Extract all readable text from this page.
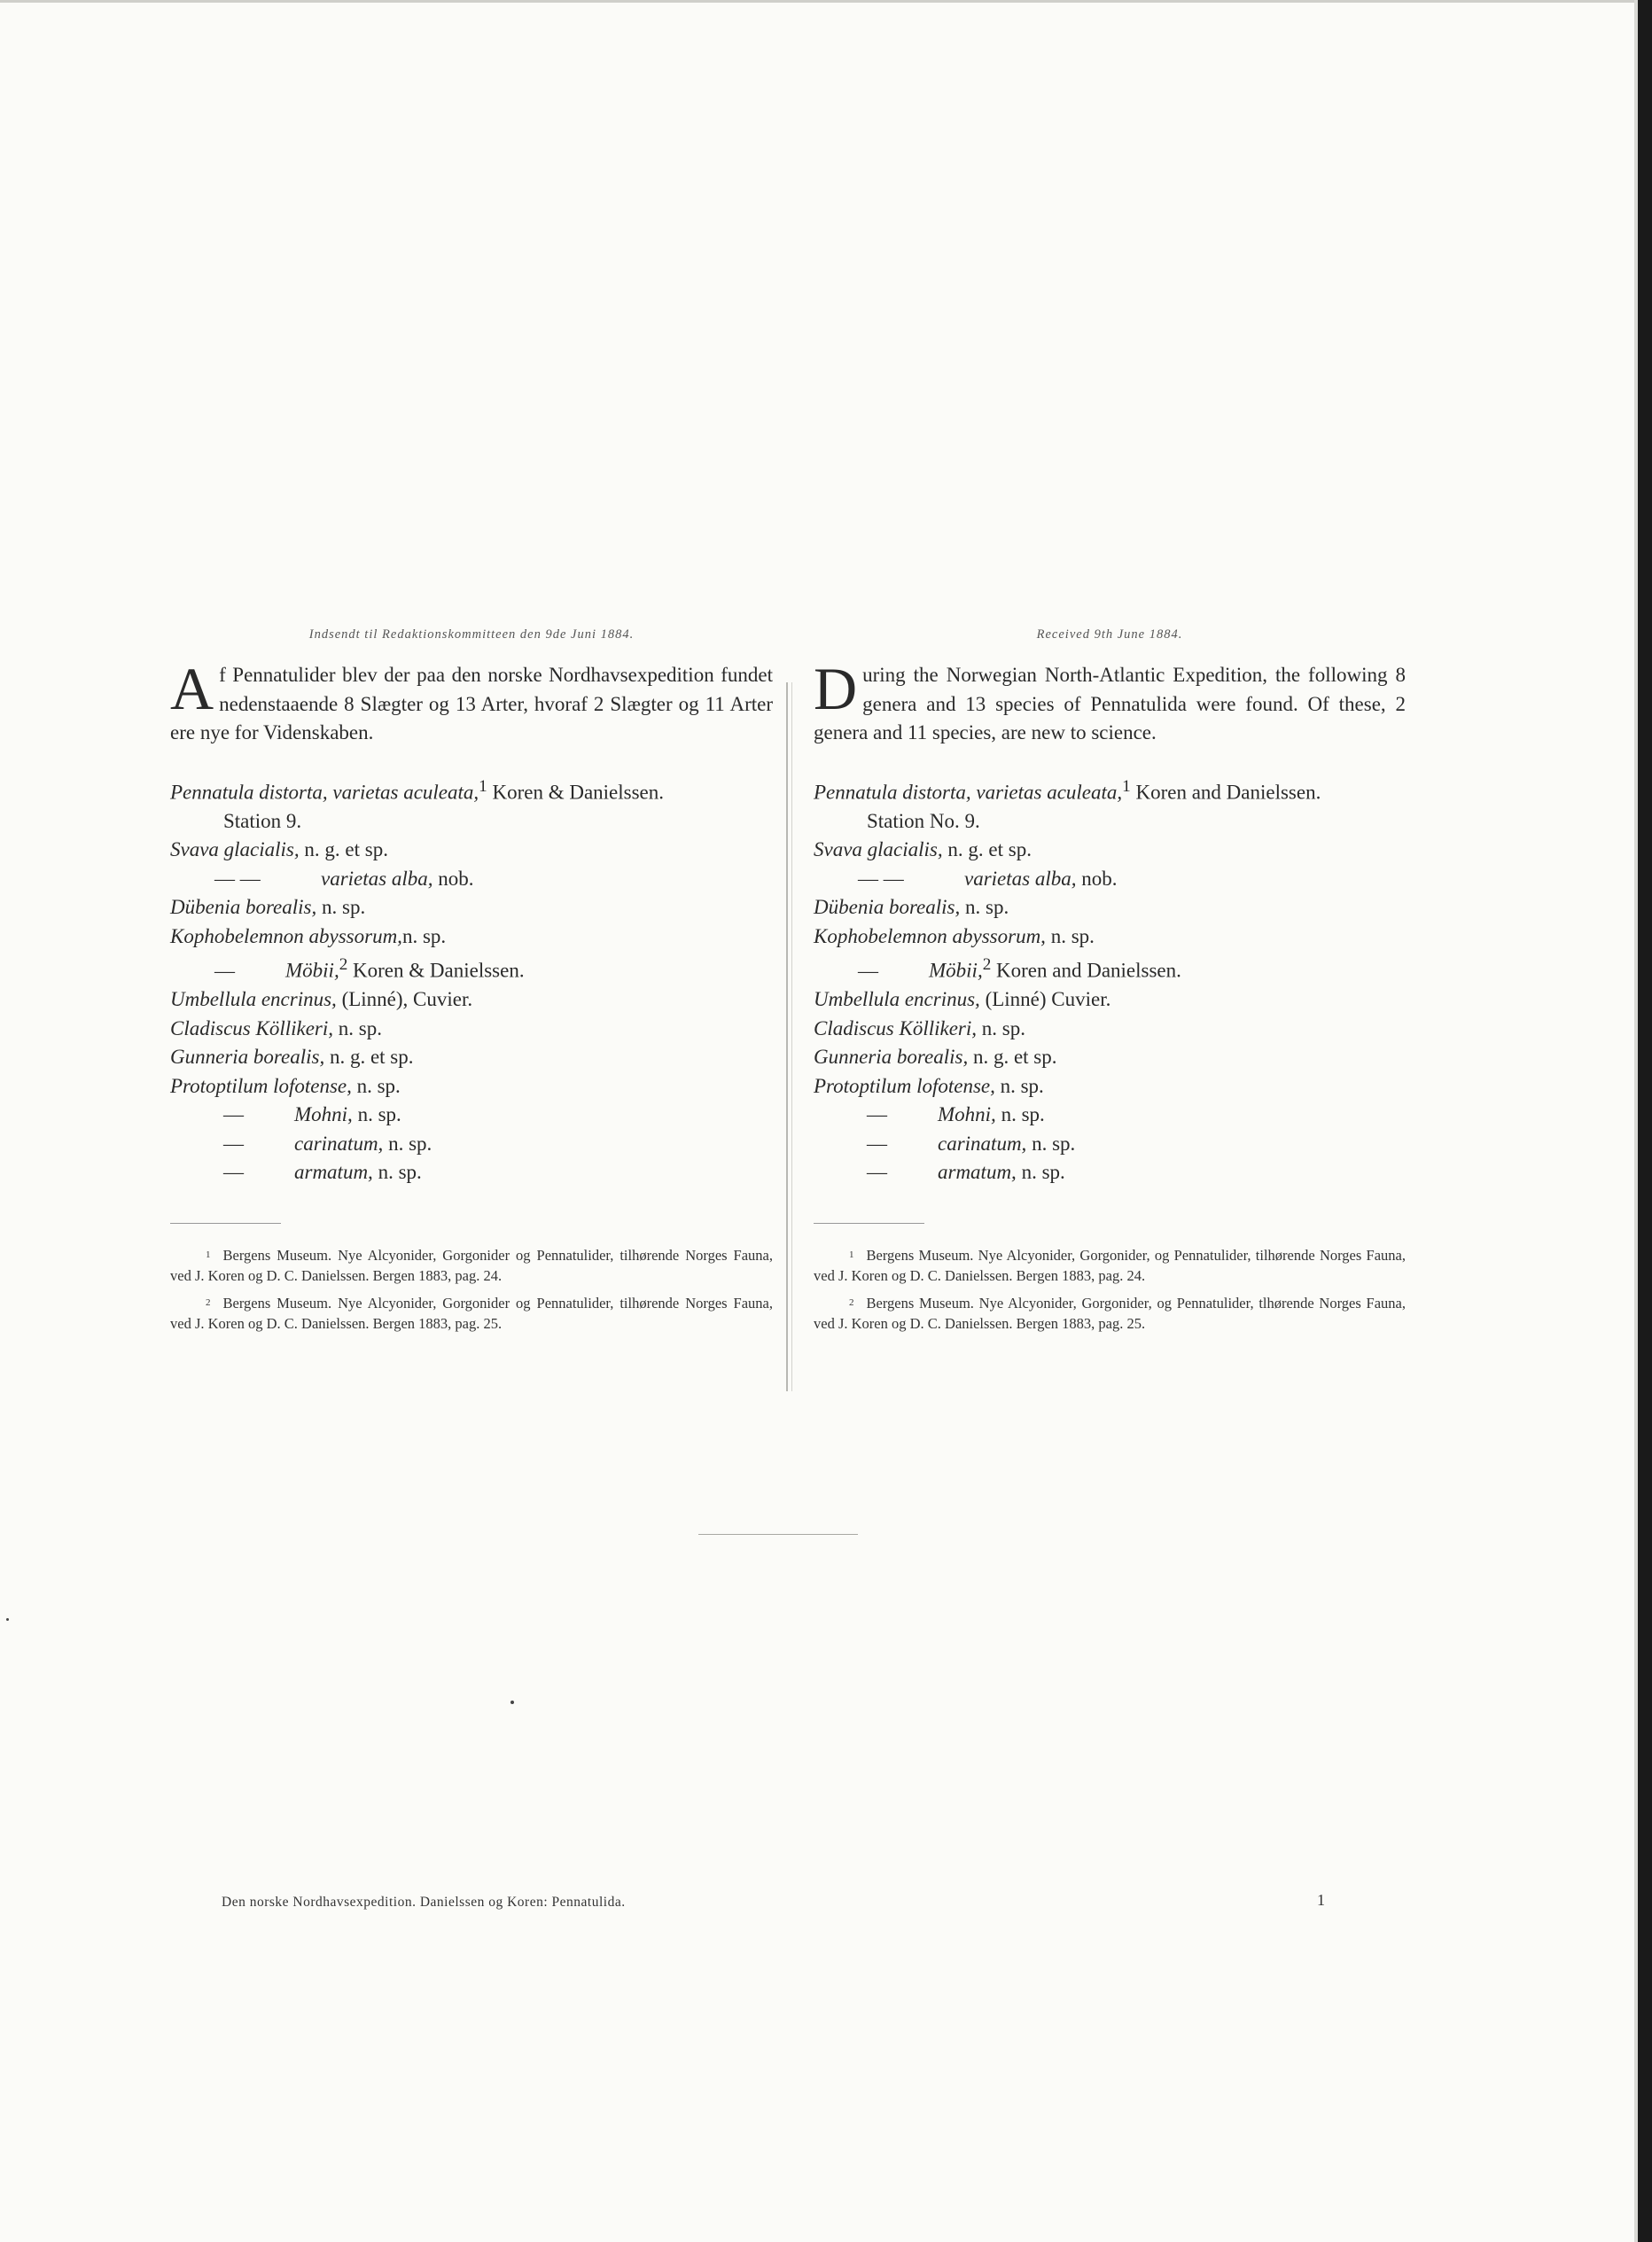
Indsendt til Redaktionskommitteen den 9de Juni 1884.

Af Pennatulider blev der paa den norske Nordhavsexpedition fundet nedenstaaende 8 Slægter og 13 Arter, hvoraf 2 Slægter og 11 Arter ere nye for Videnskaben.

Pennatula distorta, varietas aculeata,$^1$ Koren & Danielssen.
Station 9.
Svava glacialis, n. g. et sp.
— —	varietas alba, nob.
Dübenia borealis, n. sp.
Kophobelemnon abyssorum,n. sp.
— Möbii,$^2$ Koren & Danielssen.
Umbellula encrinus, (Linné), Cuvier.
Cladiscus Köllikeri, n. sp.
Gunneria borealis, n. g. et sp.
Protoptilum lofotense, n. sp.
— Mohni, n. sp.
— carinatum, n. sp.
— armatum, n. sp.

$^1$ Bergens Museum. Nye Alcyonider, Gorgonider og Pennatulider, tilhørende Norges Fauna, ved J. Koren og D. C. Danielssen. Bergen 1883, pag. 24.

$^2$ Bergens Museum. Nye Alcyonider, Gorgonider og Pennatulider, tilhørende Norges Fauna, ved J. Koren og D. C. Danielssen. Bergen 1883, pag. 25.

Received 9th June 1884.

During the Norwegian North-Atlantic Expedition, the following 8 genera and 13 species of Pennatulida were found. Of these, 2 genera and 11 species, are new to science.

Pennatula distorta, varietas aculeata,$^1$ Koren and Danielssen.
Station No. 9.
Svava glacialis, n. g. et sp.
— —	varietas alba, nob.
Dübenia borealis, n. sp.
Kophobelemnon abyssorum, n. sp.
— Möbii,$^2$ Koren and Danielssen.
Umbellula encrinus, (Linné) Cuvier.
Cladiscus Köllikeri, n. sp.
Gunneria borealis, n. g. et sp.
Protoptilum lofotense, n. sp.
— Mohni, n. sp.
— carinatum, n. sp.
— armatum, n. sp.

$^1$ Bergens Museum. Nye Alcyonider, Gorgonider, og Pennatulider, tilhørende Norges Fauna, ved J. Koren og D. C. Danielssen. Bergen 1883, pag. 24.

$^2$ Bergens Museum. Nye Alcyonider, Gorgonider, og Pennatulider, tlhørende Norges Fauna, ved J. Koren og D. C. Danielssen. Bergen 1883, pag. 25.

Den norske Nordhavsexpedition. Danielssen og Koren: Pennatulida.	1
